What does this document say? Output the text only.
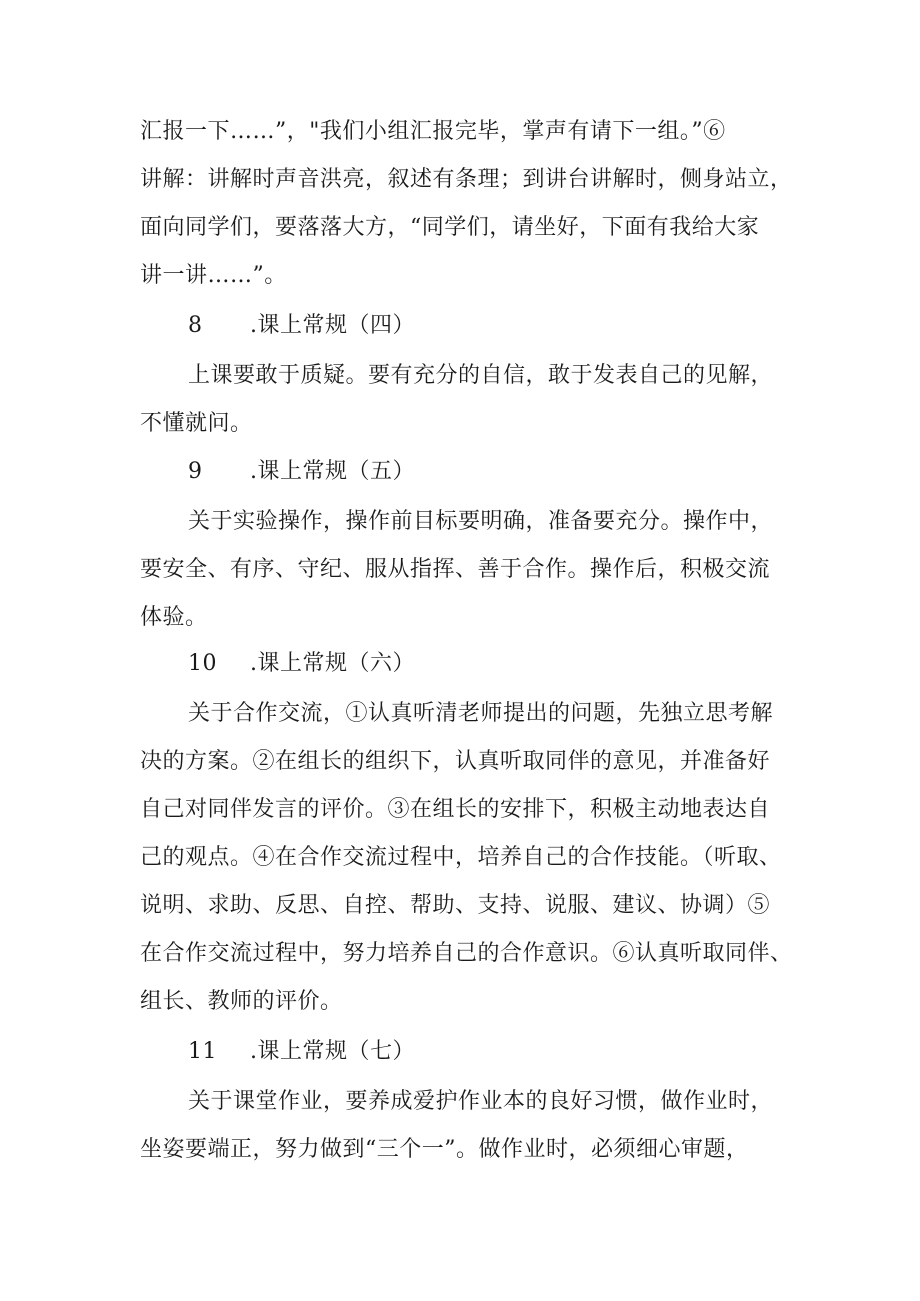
汇报一下……”，"我们小组汇报完毕，掌声有请下一组。”⑥
讲解：讲解时声音洪亮，叙述有条理；到讲台讲解时，侧身站立，
面向同学们，要落落大方，“同学们，请坐好，下面有我给大家
讲一讲……”。
8 .课上常规（四）
上课要敢于质疑。要有充分的自信，敢于发表自己的见解，
不懂就问。
9 .课上常规（五）
关于实验操作，操作前目标要明确，准备要充分。操作中，
要安全、有序、守纪、服从指挥、善于合作。操作后，积极交流
体验。
10 .课上常规（六）
关于合作交流，①认真听清老师提出的问题，先独立思考解
决的方案。②在组长的组织下，认真听取同伴的意见，并准备好
自己对同伴发言的评价。③在组长的安排下，积极主动地表达自
己的观点。④在合作交流过程中，培养自己的合作技能。（听取、
说明、求助、反思、自控、帮助、支持、说服、建议、协调）⑤
在合作交流过程中，努力培养自己的合作意识。⑥认真听取同伴、
组长、教师的评价。
11 .课上常规（七）
关于课堂作业，要养成爱护作业本的良好习惯，做作业时，
坐姿要端正，努力做到“三个一”。做作业时，必须细心审题，
